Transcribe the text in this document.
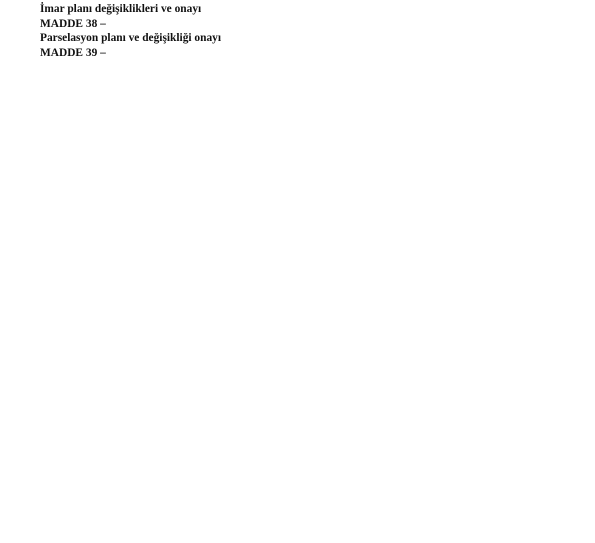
İmar planı değişiklikleri ve onayı

MADDE 38 –

Parselasyon planı ve değişikliği onayı

MADDE 39 –
